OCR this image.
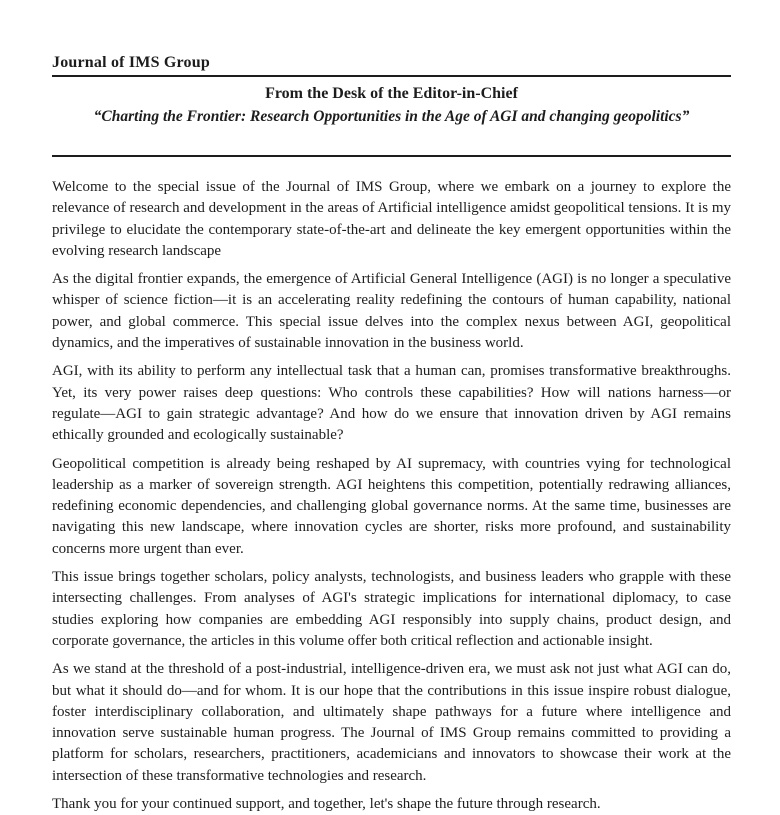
Journal of IMS Group
From the Desk of the Editor-in-Chief
“Charting the Frontier: Research Opportunities in the Age of AGI and changing geopolitics”

Welcome to the special issue of the Journal of IMS Group, where we embark on a journey to explore the relevance of research and development in the areas of Artificial intelligence amidst geopolitical tensions. It is my privilege to elucidate the contemporary state-of-the-art and delineate the key emergent opportunities within the evolving research landscape

As the digital frontier expands, the emergence of Artificial General Intelligence (AGI) is no longer a speculative whisper of science fiction—it is an accelerating reality redefining the contours of human capability, national power, and global commerce. This special issue delves into the complex nexus between AGI, geopolitical dynamics, and the imperatives of sustainable innovation in the business world.

AGI, with its ability to perform any intellectual task that a human can, promises transformative breakthroughs. Yet, its very power raises deep questions: Who controls these capabilities? How will nations harness—or regulate—AGI to gain strategic advantage? And how do we ensure that innovation driven by AGI remains ethically grounded and ecologically sustainable?

Geopolitical competition is already being reshaped by AI supremacy, with countries vying for technological leadership as a marker of sovereign strength. AGI heightens this competition, potentially redrawing alliances, redefining economic dependencies, and challenging global governance norms. At the same time, businesses are navigating this new landscape, where innovation cycles are shorter, risks more profound, and sustainability concerns more urgent than ever.

This issue brings together scholars, policy analysts, technologists, and business leaders who grapple with these intersecting challenges. From analyses of AGI's strategic implications for international diplomacy, to case studies exploring how companies are embedding AGI responsibly into supply chains, product design, and corporate governance, the articles in this volume offer both critical reflection and actionable insight.

As we stand at the threshold of a post-industrial, intelligence-driven era, we must ask not just what AGI can do, but what it should do—and for whom. It is our hope that the contributions in this issue inspire robust dialogue, foster interdisciplinary collaboration, and ultimately shape pathways for a future where intelligence and innovation serve sustainable human progress. The Journal of IMS Group remains committed to providing a platform for scholars, researchers, practitioners, academicians and innovators to showcase their work at the intersection of these transformative technologies and research.

Thank you for your continued support, and together, let's shape the future through research.
